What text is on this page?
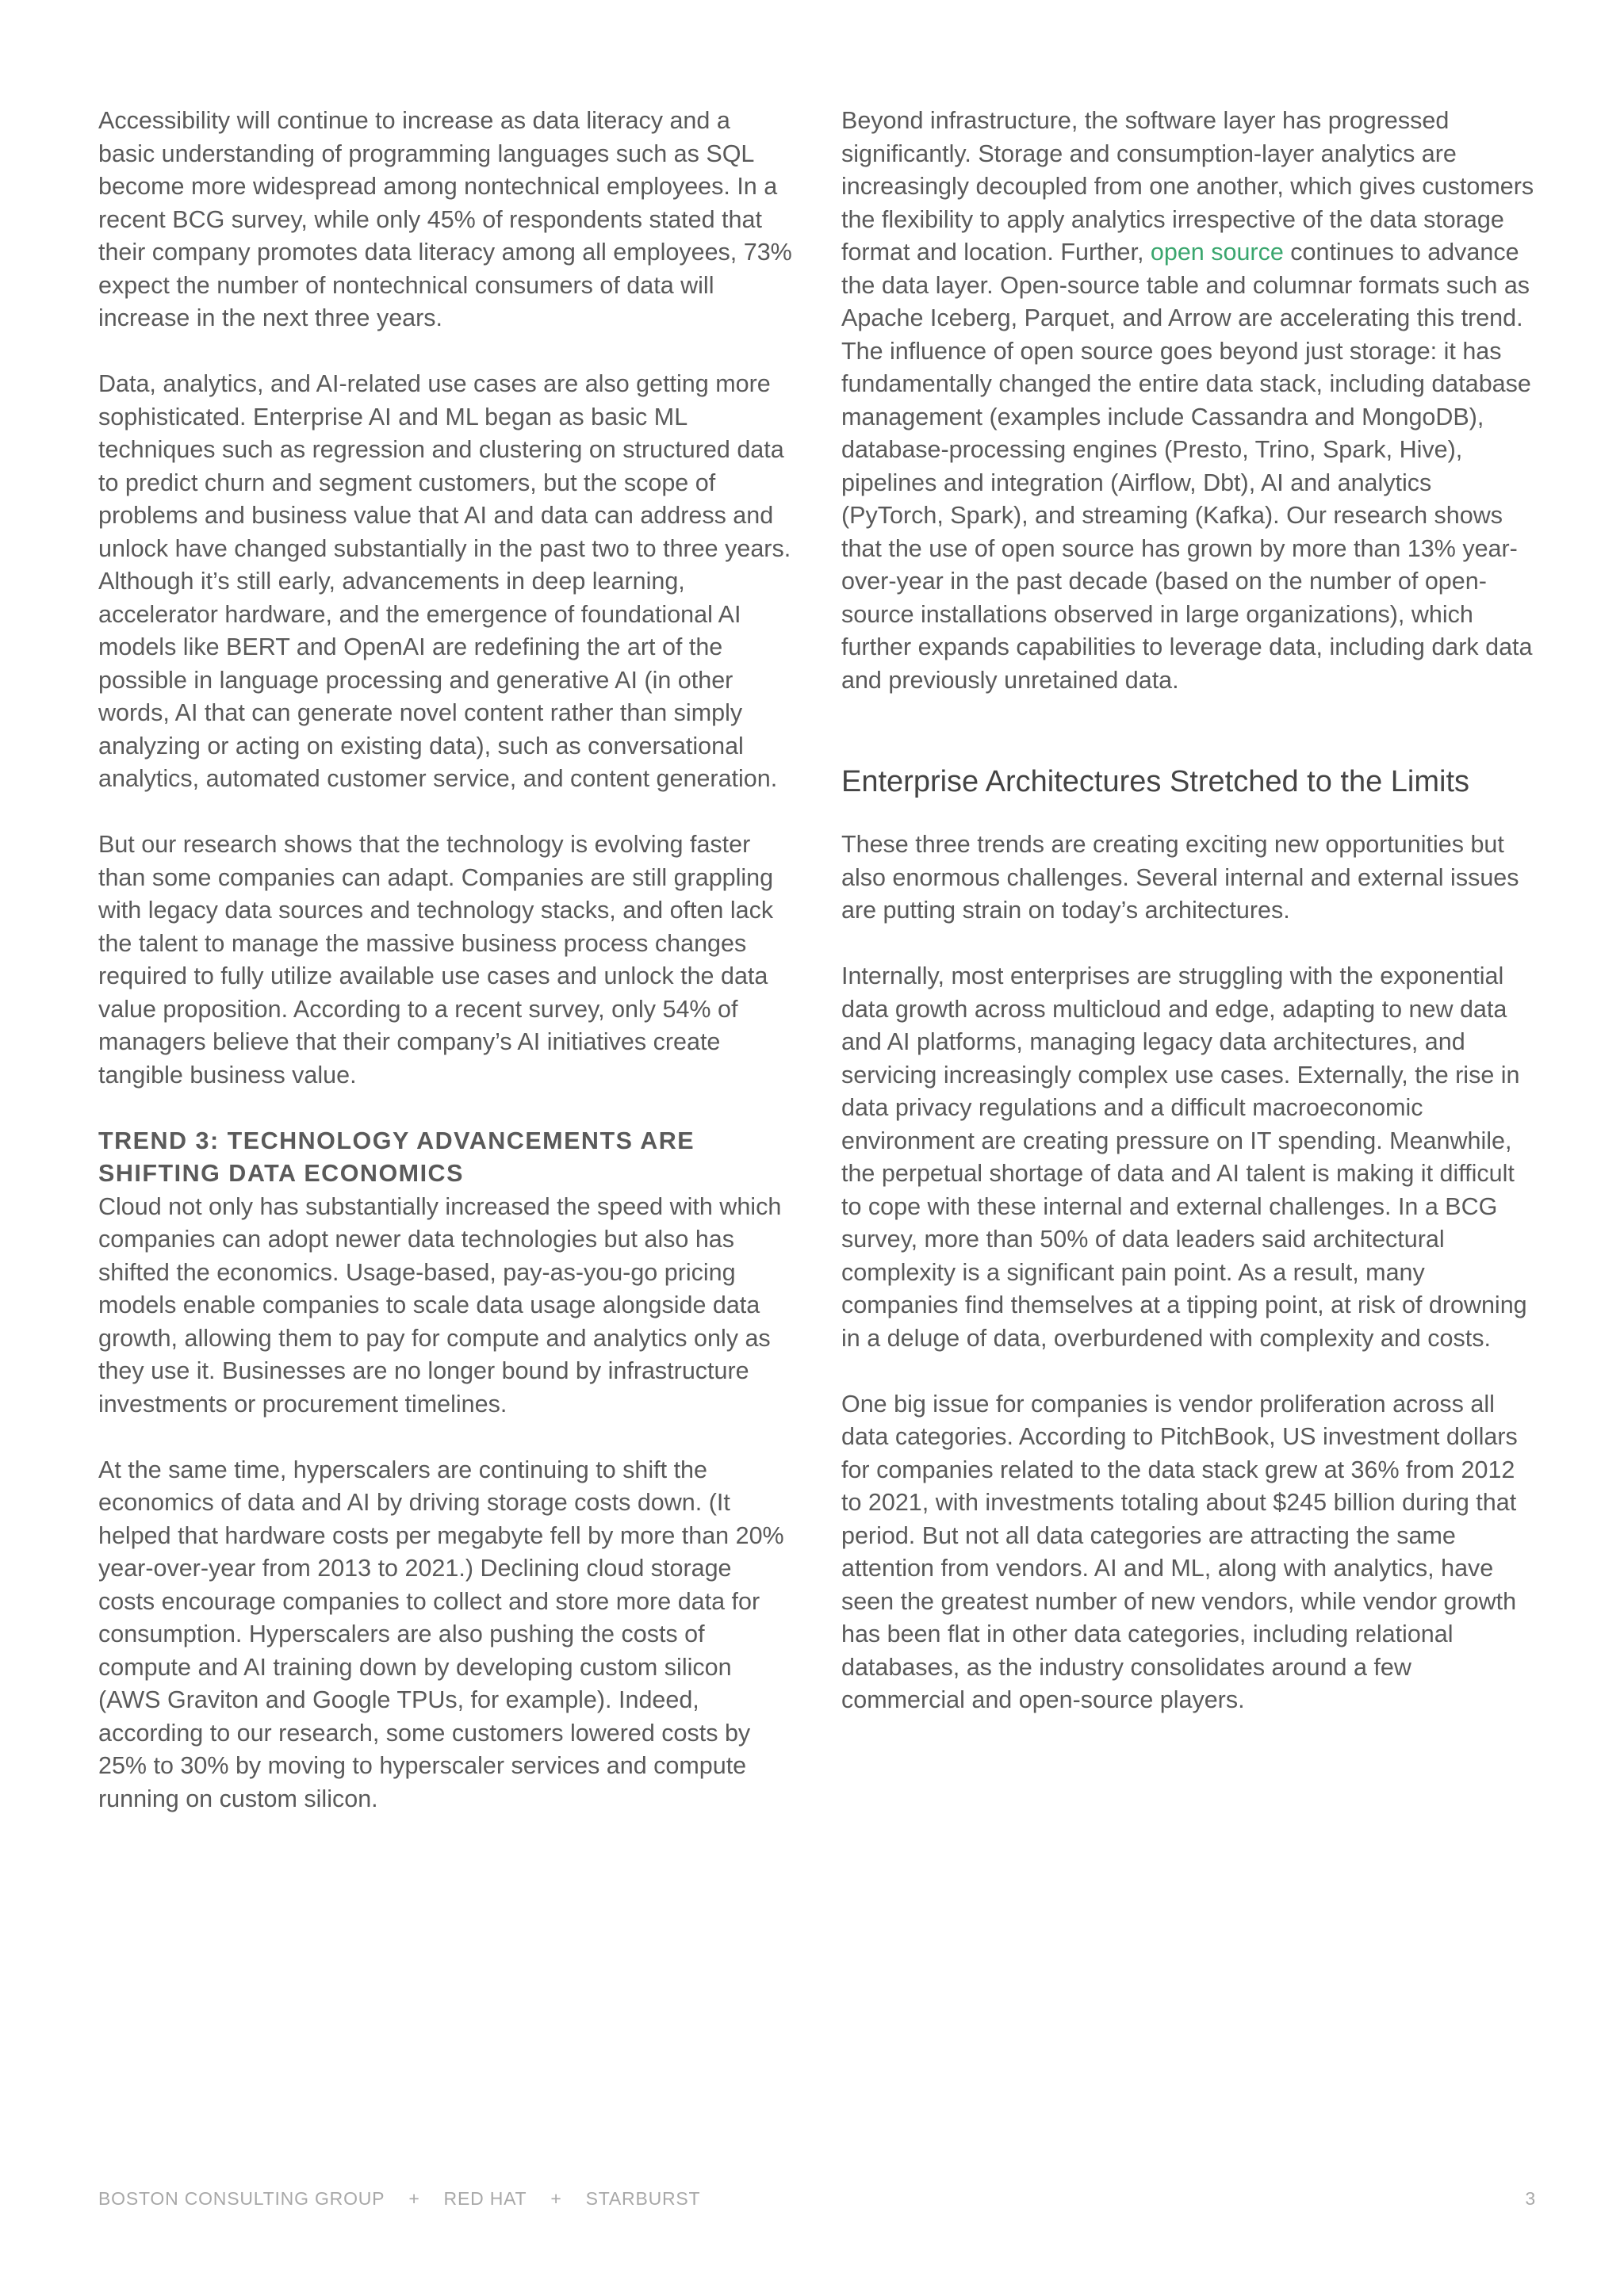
Accessibility will continue to increase as data literacy and a basic understanding of programming languages such as SQL become more widespread among nontechnical employees. In a recent BCG survey, while only 45% of respondents stated that their company promotes data literacy among all employees, 73% expect the number of nontechnical consumers of data will increase in the next three years.

Data, analytics, and AI-related use cases are also getting more sophisticated. Enterprise AI and ML began as basic ML techniques such as regression and clustering on structured data to predict churn and segment customers, but the scope of problems and business value that AI and data can address and unlock have changed substantially in the past two to three years. Although it’s still early, advancements in deep learning, accelerator hardware, and the emergence of foundational AI models like BERT and OpenAI are redefining the art of the possible in language processing and generative AI (in other words, AI that can generate novel content rather than simply analyzing or acting on existing data), such as conversational analytics, automated customer service, and content generation.

But our research shows that the technology is evolving faster than some companies can adapt. Companies are still grappling with legacy data sources and technology stacks, and often lack the talent to manage the massive business process changes required to fully utilize available use cases and unlock the data value proposition. According to a recent survey, only 54% of managers believe that their company’s AI initiatives create tangible business value.

TREND 3: TECHNOLOGY ADVANCEMENTS ARE SHIFTING DATA ECONOMICS

Cloud not only has substantially increased the speed with which companies can adopt newer data technologies but also has shifted the economics. Usage-based, pay-as-you-go pricing models enable companies to scale data usage alongside data growth, allowing them to pay for compute and analytics only as they use it. Businesses are no longer bound by infrastructure investments or procurement timelines.

At the same time, hyperscalers are continuing to shift the economics of data and AI by driving storage costs down. (It helped that hardware costs per megabyte fell by more than 20% year-over-year from 2013 to 2021.) Declining cloud storage costs encourage companies to collect and store more data for consumption. Hyperscalers are also pushing the costs of compute and AI training down by developing custom silicon (AWS Graviton and Google TPUs, for example). Indeed, according to our research, some customers lowered costs by 25% to 30% by moving to hyperscaler services and compute running on custom silicon.

Beyond infrastructure, the software layer has progressed significantly. Storage and consumption-layer analytics are increasingly decoupled from one another, which gives customers the flexibility to apply analytics irrespective of the data storage format and location. Further, open source continues to advance the data layer. Open-source table and columnar formats such as Apache Iceberg, Parquet, and Arrow are accelerating this trend. The influence of open source goes beyond just storage: it has fundamentally changed the entire data stack, including database management (examples include Cassandra and MongoDB), database-processing engines (Presto, Trino, Spark, Hive), pipelines and integration (Airflow, Dbt), AI and analytics (PyTorch, Spark), and streaming (Kafka). Our research shows that the use of open source has grown by more than 13% year-over-year in the past decade (based on the number of open-source installations observed in large organizations), which further expands capabilities to leverage data, including dark data and previously unretained data.

Enterprise Architectures Stretched to the Limits

These three trends are creating exciting new opportunities but also enormous challenges. Several internal and external issues are putting strain on today’s architectures.

Internally, most enterprises are struggling with the exponential data growth across multicloud and edge, adapting to new data and AI platforms, managing legacy data architectures, and servicing increasingly complex use cases. Externally, the rise in data privacy regulations and a difficult macroeconomic environment are creating pressure on IT spending. Meanwhile, the perpetual shortage of data and AI talent is making it difficult to cope with these internal and external challenges. In a BCG survey, more than 50% of data leaders said architectural complexity is a significant pain point. As a result, many companies find themselves at a tipping point, at risk of drowning in a deluge of data, overburdened with complexity and costs.

One big issue for companies is vendor proliferation across all data categories. According to PitchBook, US investment dollars for companies related to the data stack grew at 36% from 2012 to 2021, with investments totaling about $245 billion during that period. But not all data categories are attracting the same attention from vendors. AI and ML, along with analytics, have seen the greatest number of new vendors, while vendor growth has been flat in other data categories, including relational databases, as the industry consolidates around a few commercial and open-source players.

BOSTON CONSULTING GROUP + RED HAT + STARBURST	3
